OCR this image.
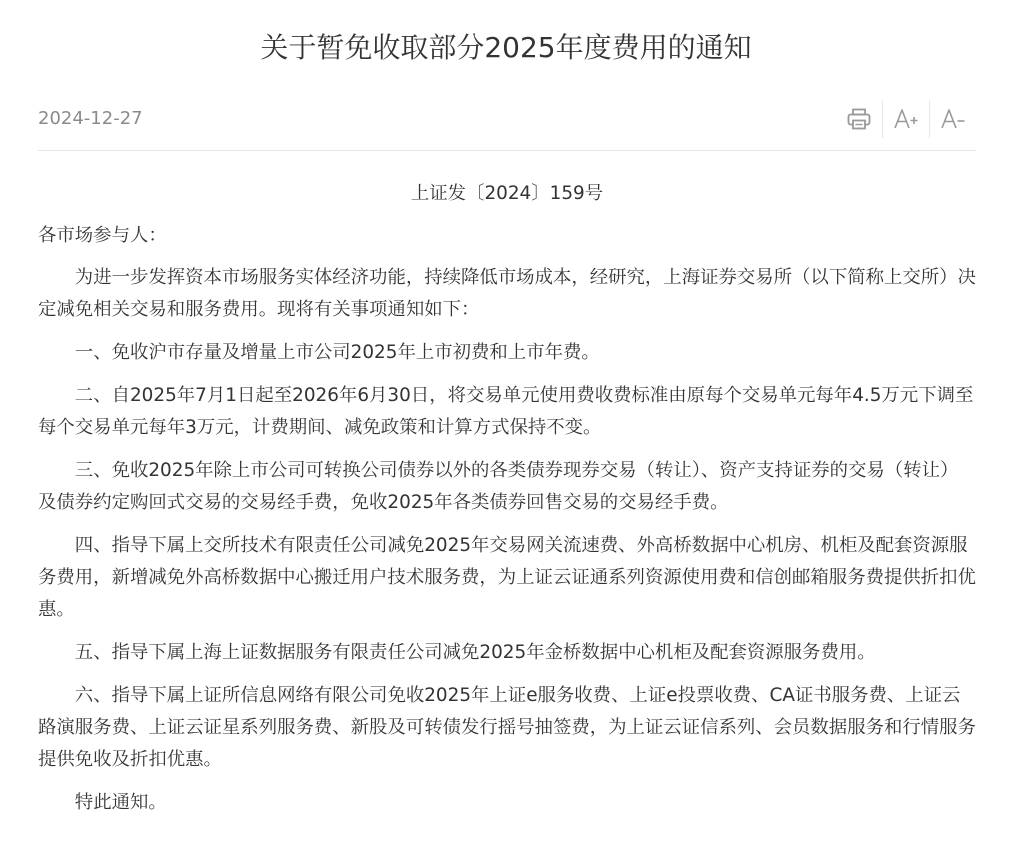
关于暂免收取部分2025年度费用的通知
2024-12-27
上证发〔2024〕159号
各市场参与人：

为进一步发挥资本市场服务实体经济功能，持续降低市场成本，经研究，上海证券交易所（以下简称上交所）决定减免相关交易和服务费用。现将有关事项通知如下：

一、免收沪市存量及增量上市公司2025年上市初费和上市年费。

二、自2025年7月1日起至2026年6月30日，将交易单元使用费收费标准由原每个交易单元每年4.5万元下调至每个交易单元每年3万元，计费期间、减免政策和计算方式保持不变。

三、免收2025年除上市公司可转换公司债券以外的各类债券现券交易（转让）、资产支持证券的交易（转让）及债券约定购回式交易的交易经手费，免收2025年各类债券回售交易的交易经手费。

四、指导下属上交所技术有限责任公司减免2025年交易网关流速费、外高桥数据中心机房、机柜及配套资源服务费用，新增减免外高桥数据中心搬迁用户技术服务费，为上证云证通系列资源使用费和信创邮箱服务费提供折扣优惠。

五、指导下属上海上证数据服务有限责任公司减免2025年金桥数据中心机柜及配套资源服务费用。

六、指导下属上证所信息网络有限公司免收2025年上证e服务收费、上证e投票收费、CA证书服务费、上证云路演服务费、上证云证星系列服务费、新股及可转债发行摇号抽签费，为上证云证信系列、会员数据服务和行情服务提供免收及折扣优惠。

特此通知。
